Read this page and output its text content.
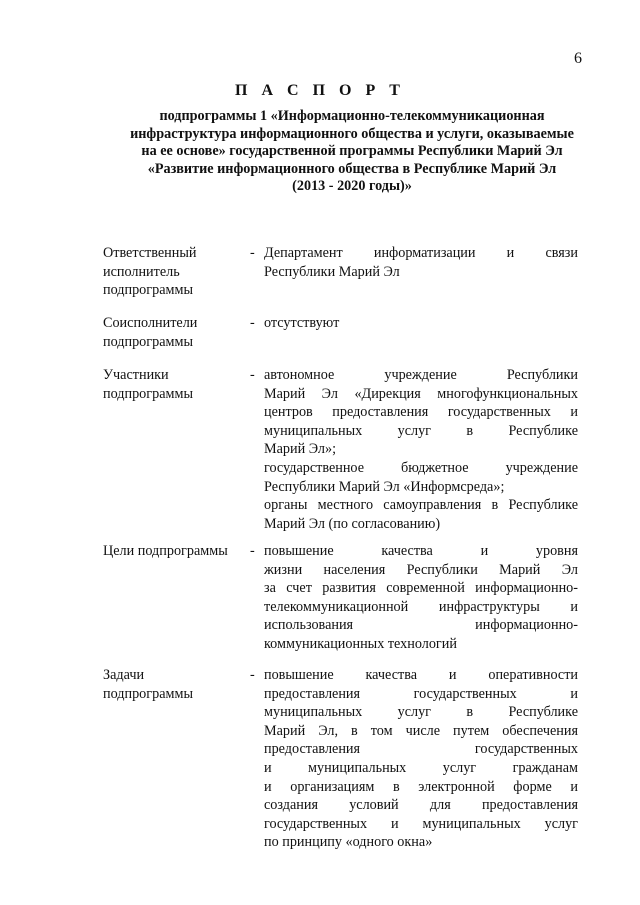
6
П А С П О Р Т
подпрограммы 1 «Информационно-телекоммуникационная
инфраструктура информационного общества и услуги, оказываемые
на ее основе» государственной программы Республики Марий Эл
«Развитие информационного общества в Республике Марий Эл
(2013 - 2020 годы)»
Ответственный
исполнитель
подпрограммы
- Департамент информатизации и связи
Республики Марий Эл
Соисполнители
подпрограммы
- отсутствуют
Участники
подпрограммы
- автономное учреждение Республики
Марий Эл «Дирекция многофункциональных
центров предоставления государственных и
муниципальных услуг в Республике
Марий Эл»;
государственное бюджетное учреждение
Республики Марий Эл «Информсреда»;
органы местного самоуправления в Республике
Марий Эл (по согласованию)
Цели подпрограммы	- повышение качества и уровня
жизни населения Республики Марий Эл
за счет развития современной информационно-
телекоммуникационной инфраструктуры и
использования информационно-
коммуникационных технологий
Задачи
подпрограммы
- повышение качества и оперативности
предоставления государственных и
муниципальных услуг в Республике
Марий Эл, в том числе путем обеспечения
предоставления государственных
и муниципальных услуг гражданам
и организациям в электронной форме и
создания условий для предоставления
государственных и муниципальных услуг
по принципу «одного окна»
